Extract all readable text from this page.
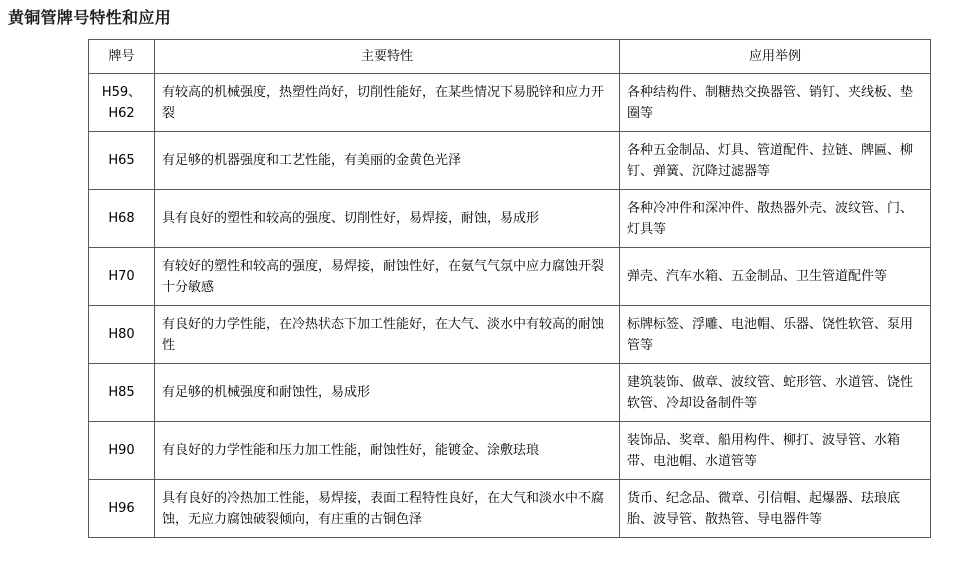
黄铜管牌号特性和应用
牌号	主要特性	应用举例
H59、H62	有较高的机械强度，热塑性尚好，切削性能好，在某些情况下易脱锌和应力开裂	各种结构件、制糖热交换器管、销钉、夹线板、垫圈等
H65	有足够的机器强度和工艺性能，有美丽的金黄色光泽	各种五金制品、灯具、管道配件、拉链、牌匾、柳钉、弹簧、沉降过滤器等
H68	具有良好的塑性和较高的强度、切削性好，易焊接，耐蚀，易成形	各种冷冲件和深冲件、散热器外壳、波纹管、门、灯具等
H70	有较好的塑性和较高的强度，易焊接，耐蚀性好，在氨气气氛中应力腐蚀开裂十分敏感	弹壳、汽车水箱、五金制品、卫生管道配件等
H80	有良好的力学性能，在冷热状态下加工性能好，在大气、淡水中有较高的耐蚀性	标牌标签、浮雕、电池帽、乐器、饶性软管、泵用管等
H85	有足够的机械强度和耐蚀性，易成形	建筑装饰、做章、波纹管、蛇形管、水道管、饶性软管、冷却设备制件等
H90	有良好的力学性能和压力加工性能，耐蚀性好，能镀金、涂敷珐琅	装饰品、奖章、船用构件、柳打、波导管、水箱带、电池帽、水道管等
H96	具有良好的冷热加工性能，易焊接，表面工程特性良好，在大气和淡水中不腐蚀，无应力腐蚀破裂倾向，有庄重的古铜色泽	货币、纪念品、微章、引信帽、起爆器、珐琅底胎、波导管、散热管、导电器件等
